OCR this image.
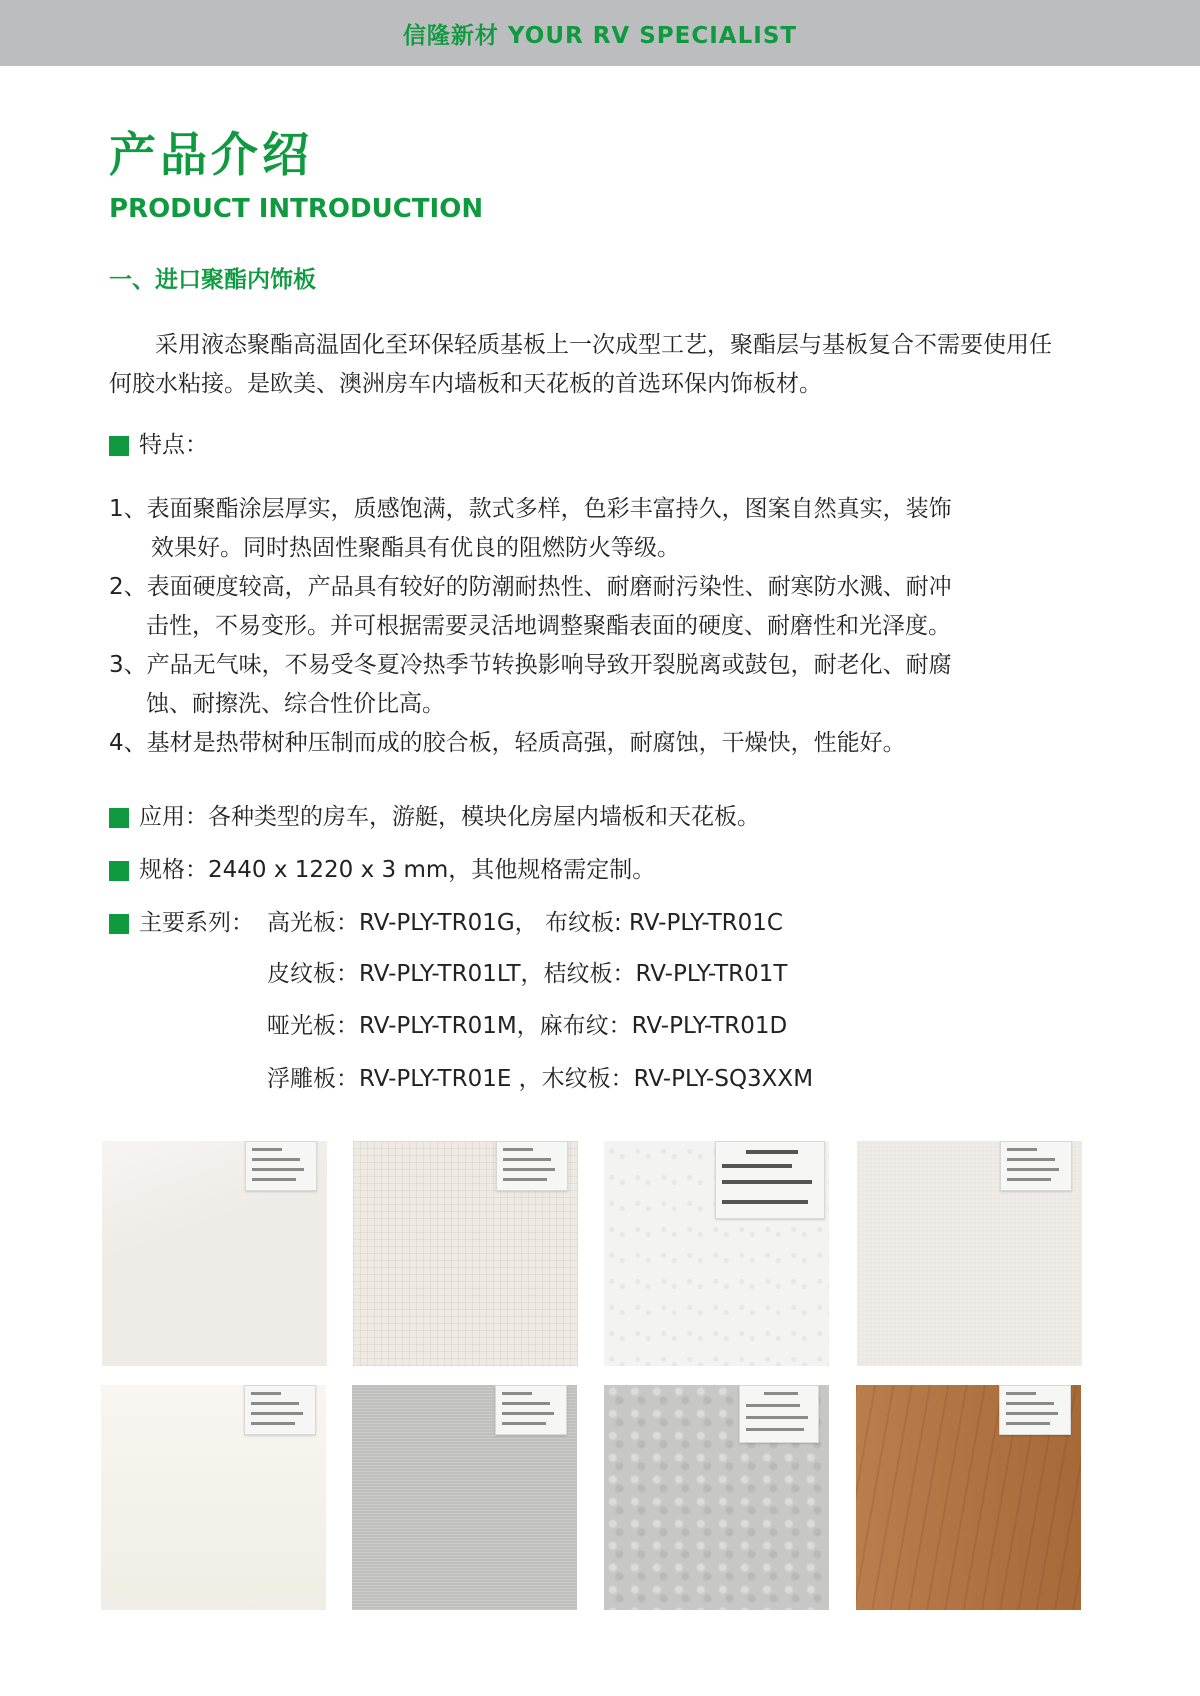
信隆新材 YOUR RV SPECIALIST
产品介绍
PRODUCT INTRODUCTION
一、进口聚酯内饰板

采用液态聚酯高温固化至环保轻质基板上一次成型工艺，聚酯层与基板复合不需要使用任何胶水粘接。是欧美、澳洲房车内墙板和天花板的首选环保内饰板材。

特点：
1、表面聚酯涂层厚实，质感饱满，款式多样，色彩丰富持久，图案自然真实，装饰
效果好。同时热固性聚酯具有优良的阻燃防火等级。
2、表面硬度较高，产品具有较好的防潮耐热性、耐磨耐污染性、耐寒防水溅、耐冲
击性，不易变形。并可根据需要灵活地调整聚酯表面的硬度、耐磨性和光泽度。
3、产品无气味，不易受冬夏冷热季节转换影响导致开裂脱离或鼓包，耐老化、耐腐
蚀、耐擦洗、综合性价比高。
4、基材是热带树种压制而成的胶合板，轻质高强，耐腐蚀，干燥快，性能好。
应用：各种类型的房车，游艇，模块化房屋内墙板和天花板。
规格：2440 x 1220 x 3 mm，其他规格需定制。
主要系列： 高光板：RV-PLY-TR01G， 布纹板: RV-PLY-TR01C
皮纹板：RV-PLY-TR01LT，桔纹板：RV-PLY-TR01T
哑光板：RV-PLY-TR01M，麻布纹：RV-PLY-TR01D
浮雕板：RV-PLY-TR01E ，木纹板：RV-PLY-SQ3XXM
